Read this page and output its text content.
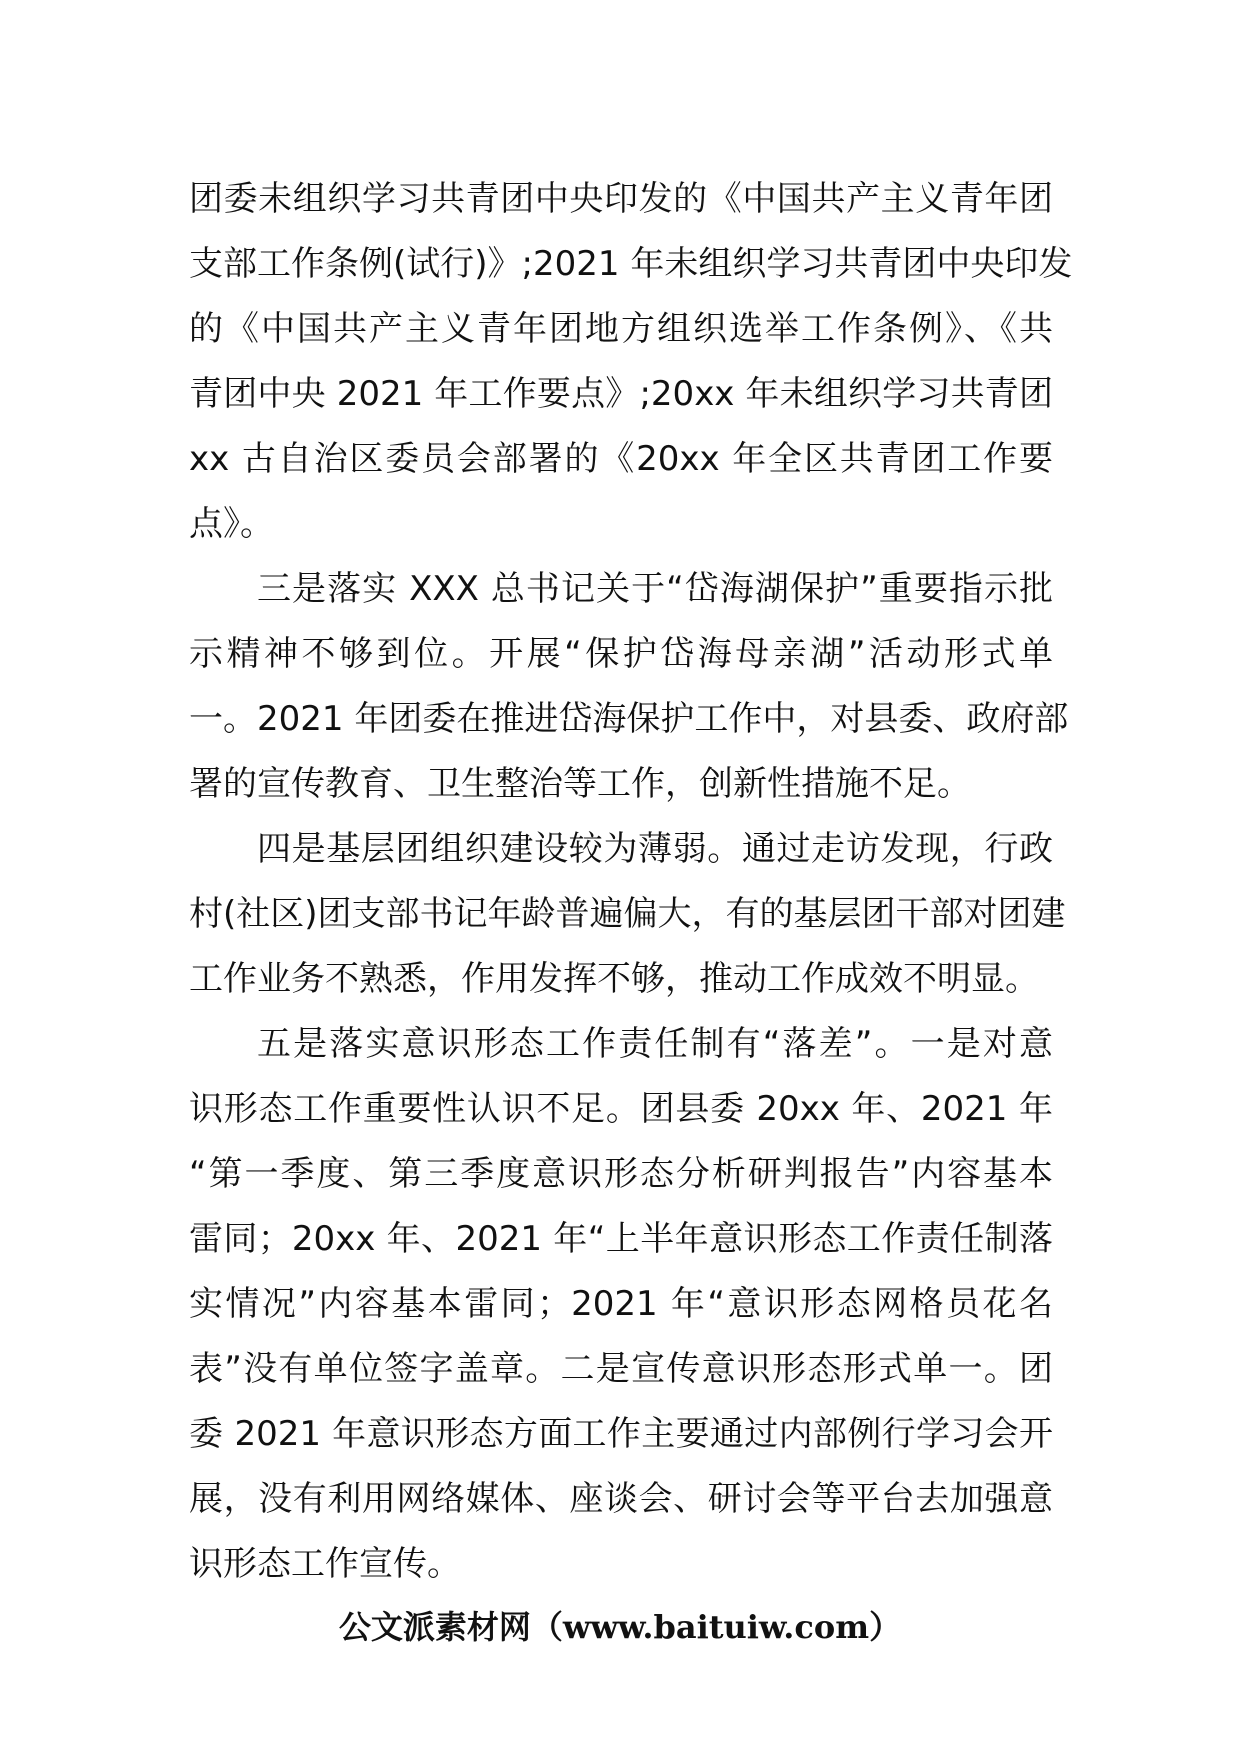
团委未组织学习共青团中央印发的《中国共产主义青年团
支部工作条例(试行)》;2021 年未组织学习共青团中央印发
的《中国共产主义青年团地方组织选举工作条例》、《共
青团中央 2021 年工作要点》;20xx 年未组织学习共青团
xx 古自治区委员会部署的《20xx 年全区共青团工作要
点》。
三是落实 XXX 总书记关于“岱海湖保护”重要指示批
示精神不够到位。开展“保护岱海母亲湖”活动形式单
一。2021 年团委在推进岱海保护工作中，对县委、政府部
署的宣传教育、卫生整治等工作，创新性措施不足。
四是基层团组织建设较为薄弱。通过走访发现，行政
村(社区)团支部书记年龄普遍偏大，有的基层团干部对团建
工作业务不熟悉，作用发挥不够，推动工作成效不明显。
五是落实意识形态工作责任制有“落差”。一是对意
识形态工作重要性认识不足。团县委 20xx 年、2021 年
“第一季度、第三季度意识形态分析研判报告”内容基本
雷同；20xx 年、2021 年“上半年意识形态工作责任制落
实情况”内容基本雷同；2021 年“意识形态网格员花名
表”没有单位签字盖章。二是宣传意识形态形式单一。团
委 2021 年意识形态方面工作主要通过内部例行学习会开
展，没有利用网络媒体、座谈会、研讨会等平台去加强意
识形态工作宣传。
公文派素材网（www.baituiw.com）
